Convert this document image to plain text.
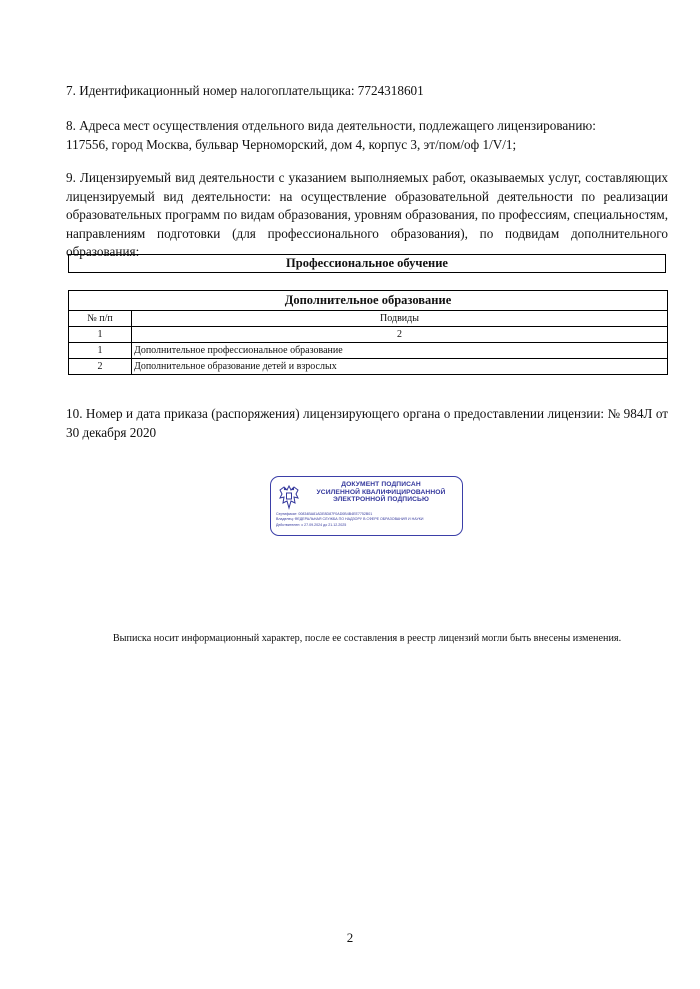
7. Идентификационный номер налогоплательщика: 7724318601

8. Адреса мест осуществления отдельного вида деятельности, подлежащего лицензированию:
117556, город Москва, бульвар Черноморский, дом 4, корпус 3, эт/пом/оф 1/V/1;

9. Лицензируемый вид деятельности с указанием выполняемых работ, оказываемых услуг, составляющих лицензируемый вид деятельности: на осуществление образовательной деятельности по реализации образовательных программ по видам образования, уровням образования, по профессиям, специальностям, направлениям подготовки (для профессионального образования), по подвидам дополнительного образования:

Профессиональное обучение
Дополнительное образование	
№ п/п	Подвиды
1	2
1	Дополнительное профессиональное образование
2	Дополнительное образование детей и взрослых

10. Номер и дата приказа (распоряжения) лицензирующего органа о предоставлении лицензии: № 984Л от 30 декабря 2020

ДОКУМЕНТ ПОДПИСАН
УСИЛЕННОЙ КВАЛИФИЦИРОВАННОЙ
ЭЛЕКТРОННОЙ ПОДПИСЬЮ
Сертификат: 00834BA81ADE8D87F0AD0B4B4EE7752B01
Владелец: ФЕДЕРАЛЬНАЯ СЛУЖБА ПО НАДЗОРУ В СФЕРЕ ОБРАЗОВАНИЯ И НАУКИ
Действителен: с 27.09.2024 до 21.12.2025
Выписка носит информационный характер, после ее составления в реестр лицензий могли быть внесены изменения.
2
